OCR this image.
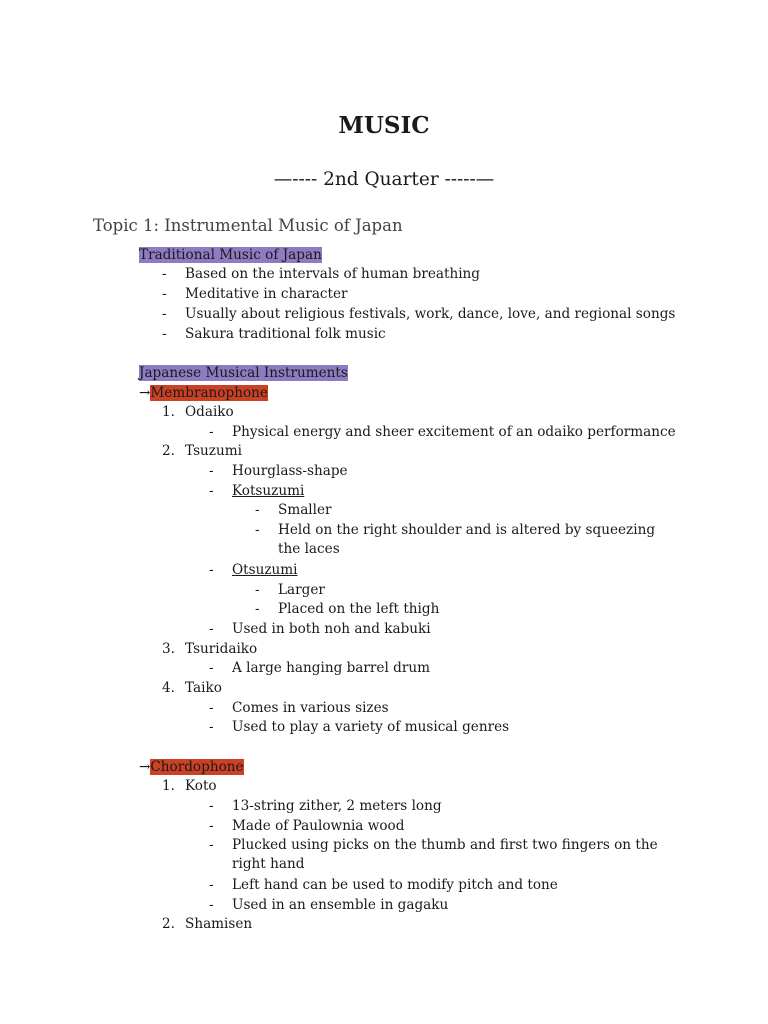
MUSIC
—---- 2nd Quarter -----—
Topic 1: Instrumental Music of Japan
Traditional Music of Japan
- Based on the intervals of human breathing
- Meditative in character
- Usually about religious festivals, work, dance, love, and regional songs
- Sakura traditional folk music
Japanese Musical Instruments
→Membranophone
1. Odaiko
- Physical energy and sheer excitement of an odaiko performance
2. Tsuzumi
- Hourglass-shape
- Kotsuzumi
- Smaller
- Held on the right shoulder and is altered by squeezing the laces
- Otsuzumi
- Larger
- Placed on the left thigh
- Used in both noh and kabuki
3. Tsuridaiko
- A large hanging barrel drum
4. Taiko
- Comes in various sizes
- Used to play a variety of musical genres
→Chordophone
1. Koto
- 13-string zither, 2 meters long
- Made of Paulownia wood
- Plucked using picks on the thumb and first two fingers on the right hand
- Left hand can be used to modify pitch and tone
- Used in an ensemble in gagaku
2. Shamisen
